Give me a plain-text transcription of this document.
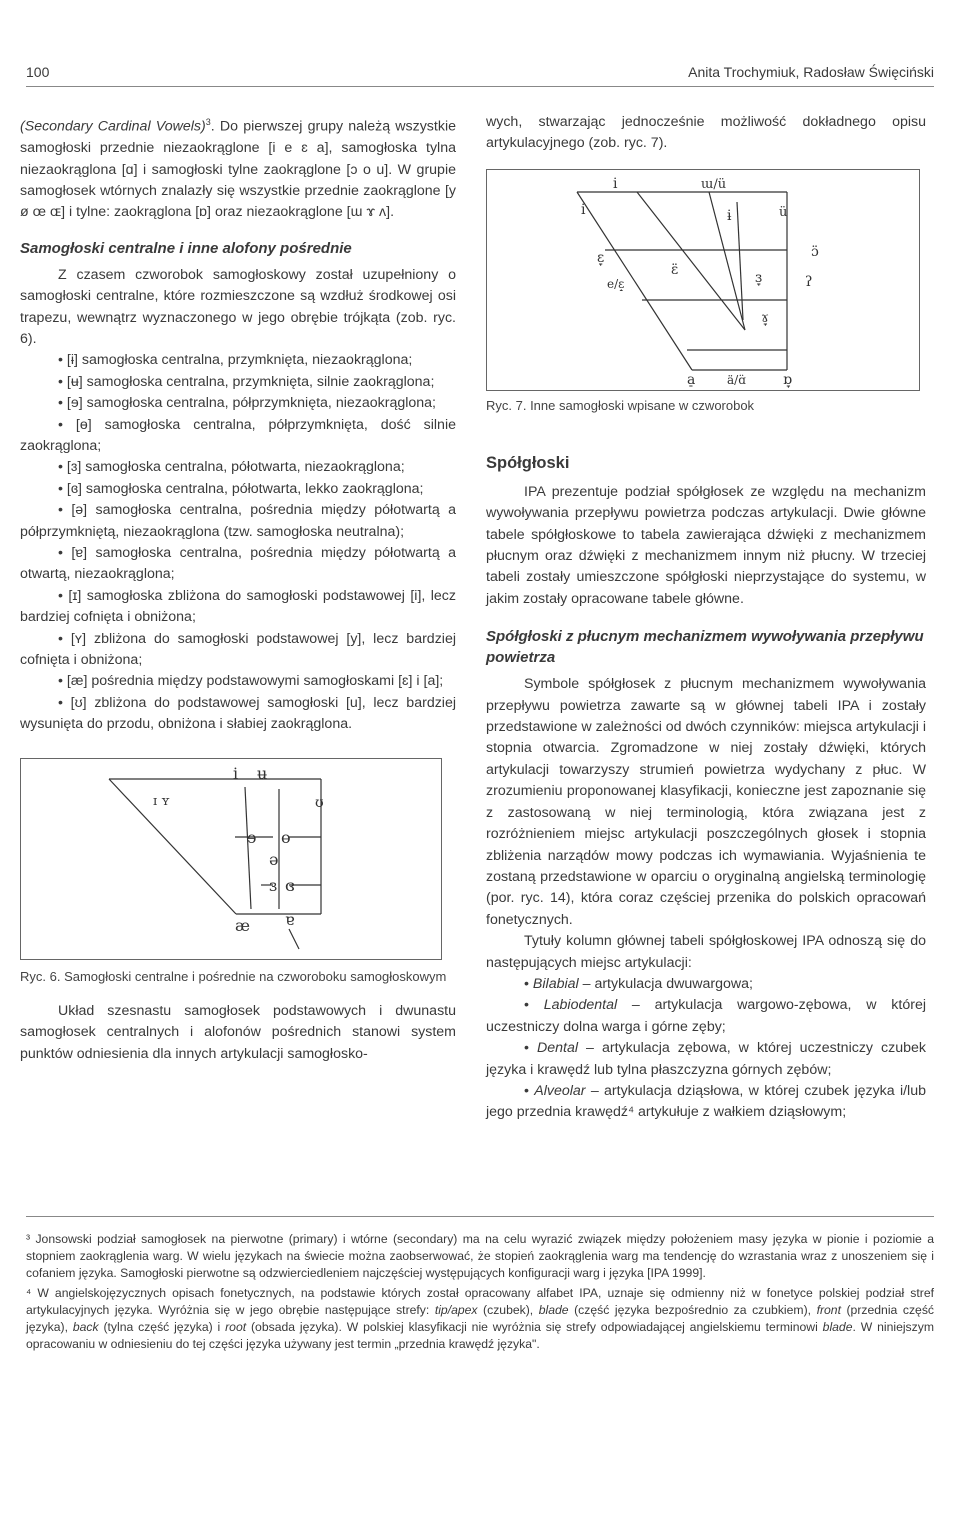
100	Anita Trochymiuk, Radosław Święciński

(Secondary Cardinal Vowels)$^3$. Do pierwszej grupy należą wszystkie samogłoski przednie niezaokrąglone [i e ɛ a], samogłoska tylna niezaokrąglona [ɑ] i samogłoski tylne zaokrąglone [ɔ o u]. W grupie samogłosek wtórnych znalazły się wszystkie przednie zaokrąglone [y ø œ ɶ] i tylne: zaokrąglona [ɒ] oraz niezaokrąglone [ɯ ɤ ʌ].

Samogłoski centralne i inne alofony pośrednie

Z czasem czworobok samogłoskowy został uzupełniony o samogłoski centralne, które rozmieszczone są wzdłuż środkowej osi trapezu, wewnątrz wyznaczonego w jego obrębie trójkąta (zob. ryc. 6).

• [ɨ] samogłoska centralna, przymknięta, niezaokrąglona;

• [ʉ] samogłoska centralna, przymknięta, silnie zaokrąglona;

• [ɘ] samogłoska centralna, półprzymknięta, niezaokrąglona;

• [ɵ] samogłoska centralna, półprzymknięta, dość silnie zaokrąglona;

• [ɜ] samogłoska centralna, półotwarta, niezaokrąglona;

• [ɞ] samogłoska centralna, półotwarta, lekko zaokrąglona;

• [ə] samogłoska centralna, pośrednia między półotwartą a półprzymkniętą, niezaokrąglona (tzw. samogłoska neutralna);

• [ɐ] samogłoska centralna, pośrednia między półotwartą a otwartą, niezaokrąglona;

• [ɪ] samogłoska zbliżona do samogłoski podstawowej [i], lecz bardziej cofnięta i obniżona;

• [ʏ] zbliżona do samogłoski podstawowej [y], lecz bardziej cofnięta i obniżona;

• [æ] pośrednia między podstawowymi samogłoskami [ɛ] i [a];

• [ʊ] zbliżona do podstawowej samogłoski [u], lecz bardziej wysunięta do przodu, obniżona i słabiej zaokrąglona.

i ʉ
ɪ ʏ	ʊ
ɘ ɵ
ə
ɜ ɞ
æ ɐ

Ryc. 6. Samogłoski centralne i pośrednie na czworoboku samogłoskowym

Układ szesnastu samogłosek podstawowych i dwunastu samogłosek centralnych i alofonów pośrednich stanowi system punktów odniesienia dla innych artykulacji samogłosko-

wych, stwarzając jednocześnie możliwość dokładnego opisu artykulacyjnego (zob. ryc. 7).

i	ɯ/ü
i	ɨ	ü
ɛ̞	ɔ̈
e/ɛ̝
ɛ̈	ɜ̞	ʔ
ɤ̞
a̠	ä/ɑ̈	ɒ̞

Ryc. 7. Inne samogłoski wpisane w czworobok

Spółgłoski

IPA prezentuje podział spółgłosek ze względu na mechanizm wywoływania przepływu powietrza podczas artykulacji. Dwie główne tabele spółgłoskowe to tabela zawierająca dźwięki z mechanizmem płucnym oraz dźwięki z mechanizmem innym niż płucny. W trzeciej tabeli zostały umieszczone spółgłoski nieprzystające do systemu, w jakim zostały opracowane tabele główne.

Spółgłoski z płucnym mechanizmem wywoływania przepływu powietrza

Symbole spółgłosek z płucnym mechanizmem wywoływania przepływu powietrza zawarte są w głównej tabeli IPA i zostały przedstawione w zależności od dwóch czynników: miejsca artykulacji i stopnia otwarcia. Zgromadzone w niej zostały dźwięki, których artykulacji towarzyszy strumień powietrza wydychany z płuc. W zrozumieniu proponowanej klasyfikacji, konieczne jest zapoznanie się z zastosowaną w niej terminologią, która związana jest z rozróżnieniem miejsc artykulacji poszczególnych głosek i stopnia zbliżenia narządów mowy podczas ich wymawiania. Wyjaśnienia te zostaną przedstawione w oparciu o oryginalną angielską terminologię (por. ryc. 14), która coraz częściej przenika do polskich opracowań fonetycznych.

Tytuły kolumn głównej tabeli spółgłoskowej IPA odnoszą się do następujących miejsc artykulacji:

• Bilabial – artykulacja dwuwargowa;

• Labiodental – artykulacja wargowo-zębowa, w której uczestniczy dolna warga i górne zęby;

• Dental – artykulacja zębowa, w której uczestniczy czubek języka i krawędź lub tylna płaszczyzna górnych zębów;

• Alveolar – artykulacja dziąsłowa, w której czubek języka i/lub jego przednia krawędź⁴ artykułuje z wałkiem dziąsłowym;

³ Jonsowski podział samogłosek na pierwotne (primary) i wtórne (secondary) ma na celu wyrazić związek między położeniem masy języka w pionie i poziomie a stopniem zaokrąglenia warg. W wielu językach na świecie można zaobserwować, że stopień zaokrąglenia warg ma tendencję do wzrastania wraz z unoszeniem się i cofaniem języka. Samogłoski pierwotne są odzwierciedleniem najczęściej występujących konfiguracji warg i języka [IPA 1999].

⁴ W angielskojęzycznych opisach fonetycznych, na podstawie których został opracowany alfabet IPA, uznaje się odmienny niż w fonetyce polskiej podział stref artykulacyjnych języka. Wyróżnia się w jego obrębie następujące strefy: tip/apex (czubek), blade (część języka bezpośrednio za czubkiem), front (przednia część języka), back (tylna część języka) i root (obsada języka). W polskiej klasyfikacji nie wyróżnia się strefy odpowiadającej angielskiemu terminowi blade. W niniejszym opracowaniu w odniesieniu do tej części języka używany jest termin „przednia krawędź języka".
